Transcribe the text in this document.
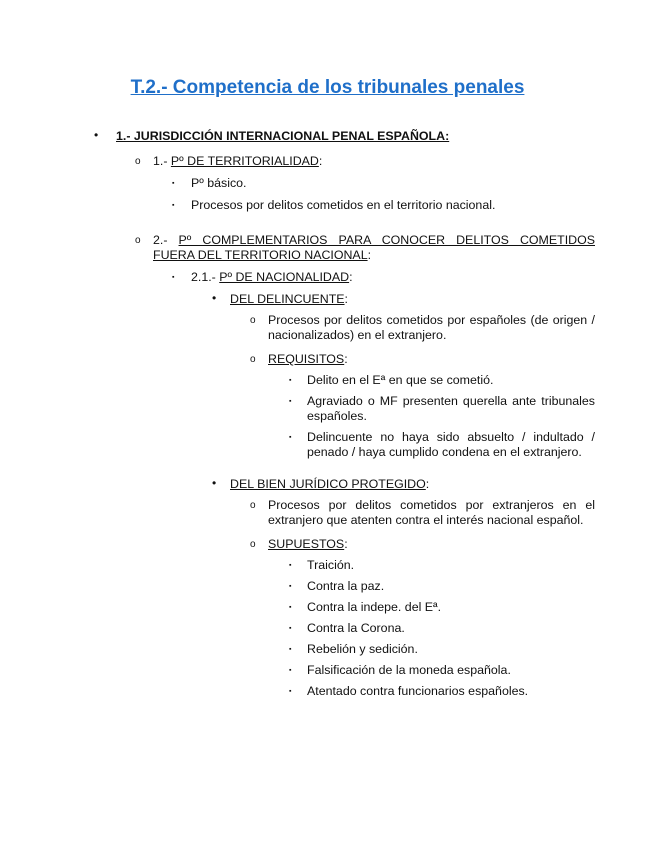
T.2.- Competencia de los tribunales penales
• 1.- JURISDICCIÓN INTERNACIONAL PENAL ESPAÑOLA:
o 1.- Pº DE TERRITORIALIDAD:
▪ Pº básico.
▪ Procesos por delitos cometidos en el territorio nacional.
o 2.- Pº COMPLEMENTARIOS PARA CONOCER DELITOS COMETIDOS
FUERA DEL TERRITORIO NACIONAL:
▪ 2.1.- Pº DE NACIONALIDAD:
• DEL DELINCUENTE:
o Procesos por delitos cometidos por españoles (de origen / nacionalizados) en el extranjero.
o REQUISITOS:
▪ Delito en el Eª en que se cometió.
▪ Agraviado o MF presenten querella ante tribunales españoles.
▪ Delincuente no haya sido absuelto / indultado / penado / haya cumplido condena en el extranjero.
• DEL BIEN JURÍDICO PROTEGIDO:
o Procesos por delitos cometidos por extranjeros en el extranjero que atenten contra el interés nacional español.
o SUPUESTOS:
▪ Traición.
▪ Contra la paz.
▪ Contra la indepe. del Eª.
▪ Contra la Corona.
▪ Rebelión y sedición.
▪ Falsificación de la moneda española.
▪ Atentado contra funcionarios españoles.
